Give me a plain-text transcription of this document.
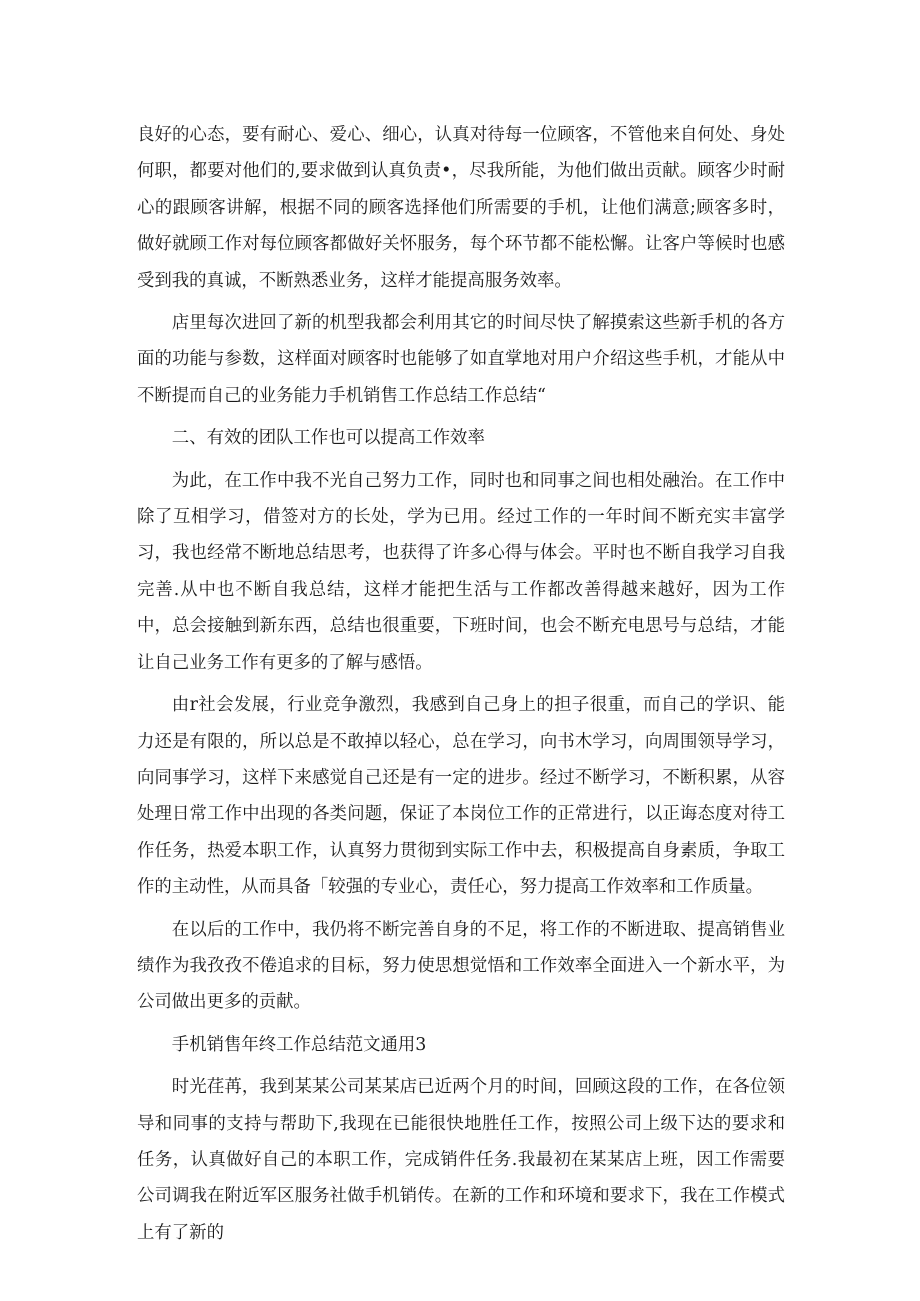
良好的心态，要有耐心、爱心、细心，认真对待每一位顾客，不管他来自何处、身处何职，都要对他们的,要求做到认真负责•，尽我所能，为他们做出贡献。顾客少时耐心的跟顾客讲解，根据不同的顾客选择他们所需要的手机，让他们满意;顾客多时，做好就顾工作对每位顾客都做好关怀服务，每个环节都不能松懈。让客户等候时也感受到我的真诚，不断熟悉业务，这样才能提高服务效率。

店里每次进回了新的机型我都会利用其它的时间尽快了解摸索这些新手机的各方面的功能与参数，这样面对顾客时也能够了如直掌地对用户介绍这些手机，才能从中不断提而自己的业务能力手机销售工作总结工作总结“

二、有效的团队工作也可以提高工作效率

为此，在工作中我不光自己努力工作，同时也和同事之间也相处融治。在工作中除了互相学习，借签对方的长处，学为已用。经过工作的一年时间不断充实丰富学习，我也经常不断地总结思考，也获得了许多心得与体会。平时也不断自我学习自我完善.从中也不断自我总结，这样才能把生活与工作都改善得越来越好，因为工作中，总会接触到新东西，总结也很重要，下班时间，也会不断充电思号与总结，才能让自己业务工作有更多的了解与感悟。

由r社会发展，行业竞争激烈，我感到自己身上的担子很重，而自己的学识、能力还是有限的，所以总是不敢掉以轻心，总在学习，向书木学习，向周围领导学习，向同事学习，这样下来感觉自己还是有一定的进步。经过不断学习，不断积累，从容处理日常工作中出现的各类问题，保证了本岗位工作的正常进行，以正诲态度对待工作任务，热爱本职工作，认真努力贯彻到实际工作中去，积极提高自身素质，争取工作的主动性，从而具备「较强的专业心，责任心，努力提高工作效率和工作质量。

在以后的工作中，我仍将不断完善自身的不足，将工作的不断进取、提高销售业绩作为我孜孜不倦追求的目标，努力使思想觉悟和工作效率全面进入一个新水平，为公司做出更多的贡献。

手机销售年终工作总结范文通用3

时光荏苒，我到某某公司某某店已近两个月的时间，回顾这段的工作，在各位领导和同事的支持与帮助下,我现在已能很快地胜任工作，按照公司上级下达的要求和任务，认真做好自己的本职工作，完成销件任务.我最初在某某店上班，因工作需要公司调我在附近军区服务社做手机销传。在新的工作和环境和要求下，我在工作模式上有了新的
